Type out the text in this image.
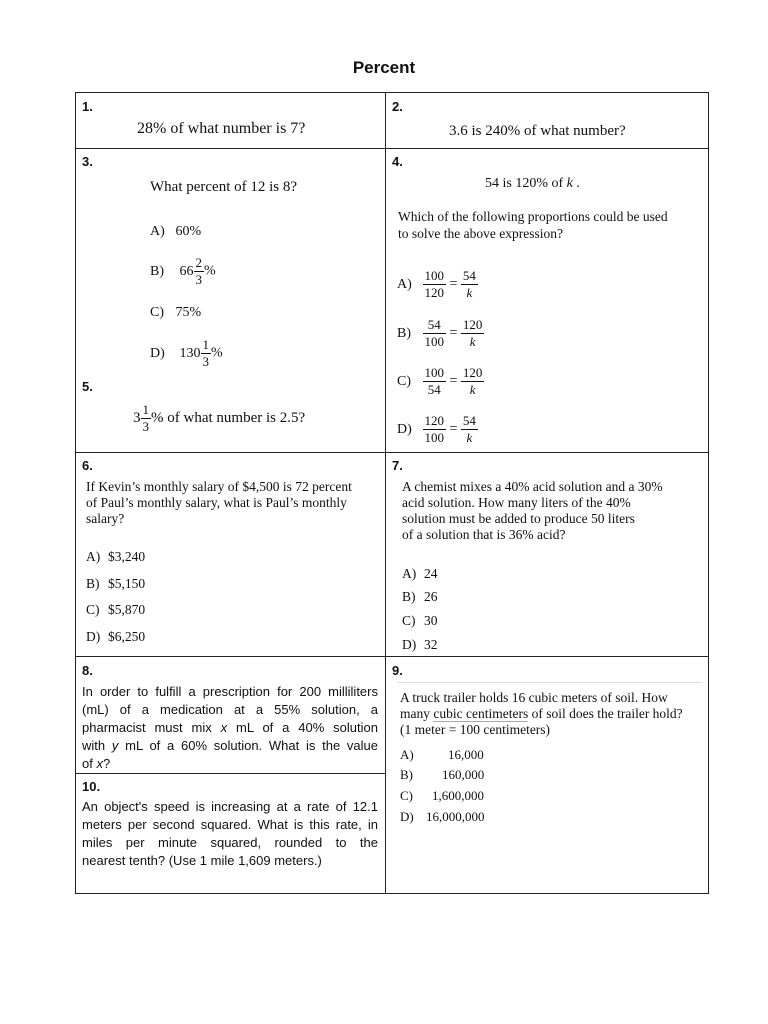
Percent
1.
28% of what number is 7?
2.
3.6 is 240% of what number?
3.
What percent of 12 is 8?
A) 60%
B) $66 \frac{2}{3}$ %
C) 75%
D) $130 \frac{1}{3}$ %
5.
$3 \frac{1}{3}$ % of what number is 2.5?
4.
54 is 120% of k .
Which of the following proportions could be used
to solve the above expression?
$A) \frac{100}{120} = \frac{54}{k}$
$B) \frac{54}{100} = \frac{120}{k}$
$C) \frac{100}{54} = \frac{120}{k}$
$D) \frac{120}{100} = \frac{54}{k}$
6.
If Kevin’s monthly salary of $4,500 is 72 percent
of Paul’s monthly salary, what is Paul’s monthly
salary?
A) $3,240
B) $5,150
C) $5,870
D) $6,250
7.
A chemist mixes a 40% acid solution and a 30%
acid solution. How many liters of the 40%
solution must be added to produce 50 liters
of a solution that is 36% acid?
A) 24
B) 26
C) 30
D) 32
8.
In order to fulfill a prescription for 200 milliliters
(mL) of a medication at a 55% solution, a
pharmacist must mix x mL of a 40% solution
with y mL of a 60% solution. What is the value
of x?
10.
An object's speed is increasing at a rate of 12.1
meters per second squared. What is this rate, in
miles per minute squared, rounded to the
nearest tenth? (Use 1 mile 1,609 meters.)
9.
A truck trailer holds 16 cubic meters of soil. How
many cubic centimeters of soil does the trailer hold?
(1 meter = 100 centimeters)
A)	16,000
B) 160,000
C) 1,600,000
D) 16,000,000
